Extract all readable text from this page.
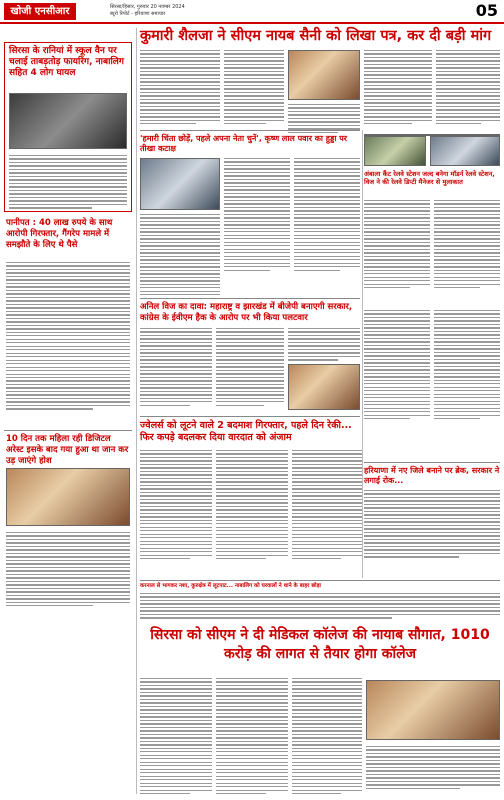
खोजी एनसीआर	सिरसा/हिसार, गुरुवार 20 नवम्बर 2024
ब्यूरो रिपोर्ट - हरियाणा समाचार	05
सिरसा के रानियां में स्कूल वैन पर चलाई ताबड़तोड़ फायरिंग, नाबालिग सहित 4 लोग घायल
पानीपत : 40 लाख रुपये के साथ आरोपी गिरफ्तार, गैंगरेप मामले में समझौते के लिए थे पैसे
10 दिन तक महिला रही डिजिटल अरेस्ट इसके बाद गया हुआ था जान कर उड़ जाएंगे होश
कुमारी शैलजा ने सीएम नायब सैनी को लिखा पत्र, कर दी बड़ी मांग
'हमारी चिंता छोड़ें, पहले अपना नेता चुनें', कृष्ण लाल पवार का हुड्डा पर तीखा कटाक्ष
अंबाला कैंट रेलवे स्टेशन जल्द बनेगा मॉडर्न रेलवे स्टेशन, विज ने की रेलवे डिप्टी मैनेजर से मुलाकात
अनिल विज का दावा: महाराष्ट्र व झारखंड में बीजेपी बनाएगी सरकार, कांग्रेस के ईवीएम हैक के आरोप पर भी किया पलटवार
ज्वेलर्स को लूटने वाले 2 बदमाश गिरफ्तार, पहले दिन रेकी... फिर कपड़े बदलकर दिया वारदात को अंजाम
हरियाणा में नए जिले बनाने पर ब्रेक, सरकार ने लगाई रोक...
करनाल से भागकर नशा, कुरुक्षेत्र में लूटपाट... नाबालिग को घरवालों ने थाने के बाहर छोड़ा
सिरसा को सीएम ने दी मेडिकल कॉलेज की नायाब सौगात, 1010 करोड़ की लागत से तैयार होगा कॉलेज
